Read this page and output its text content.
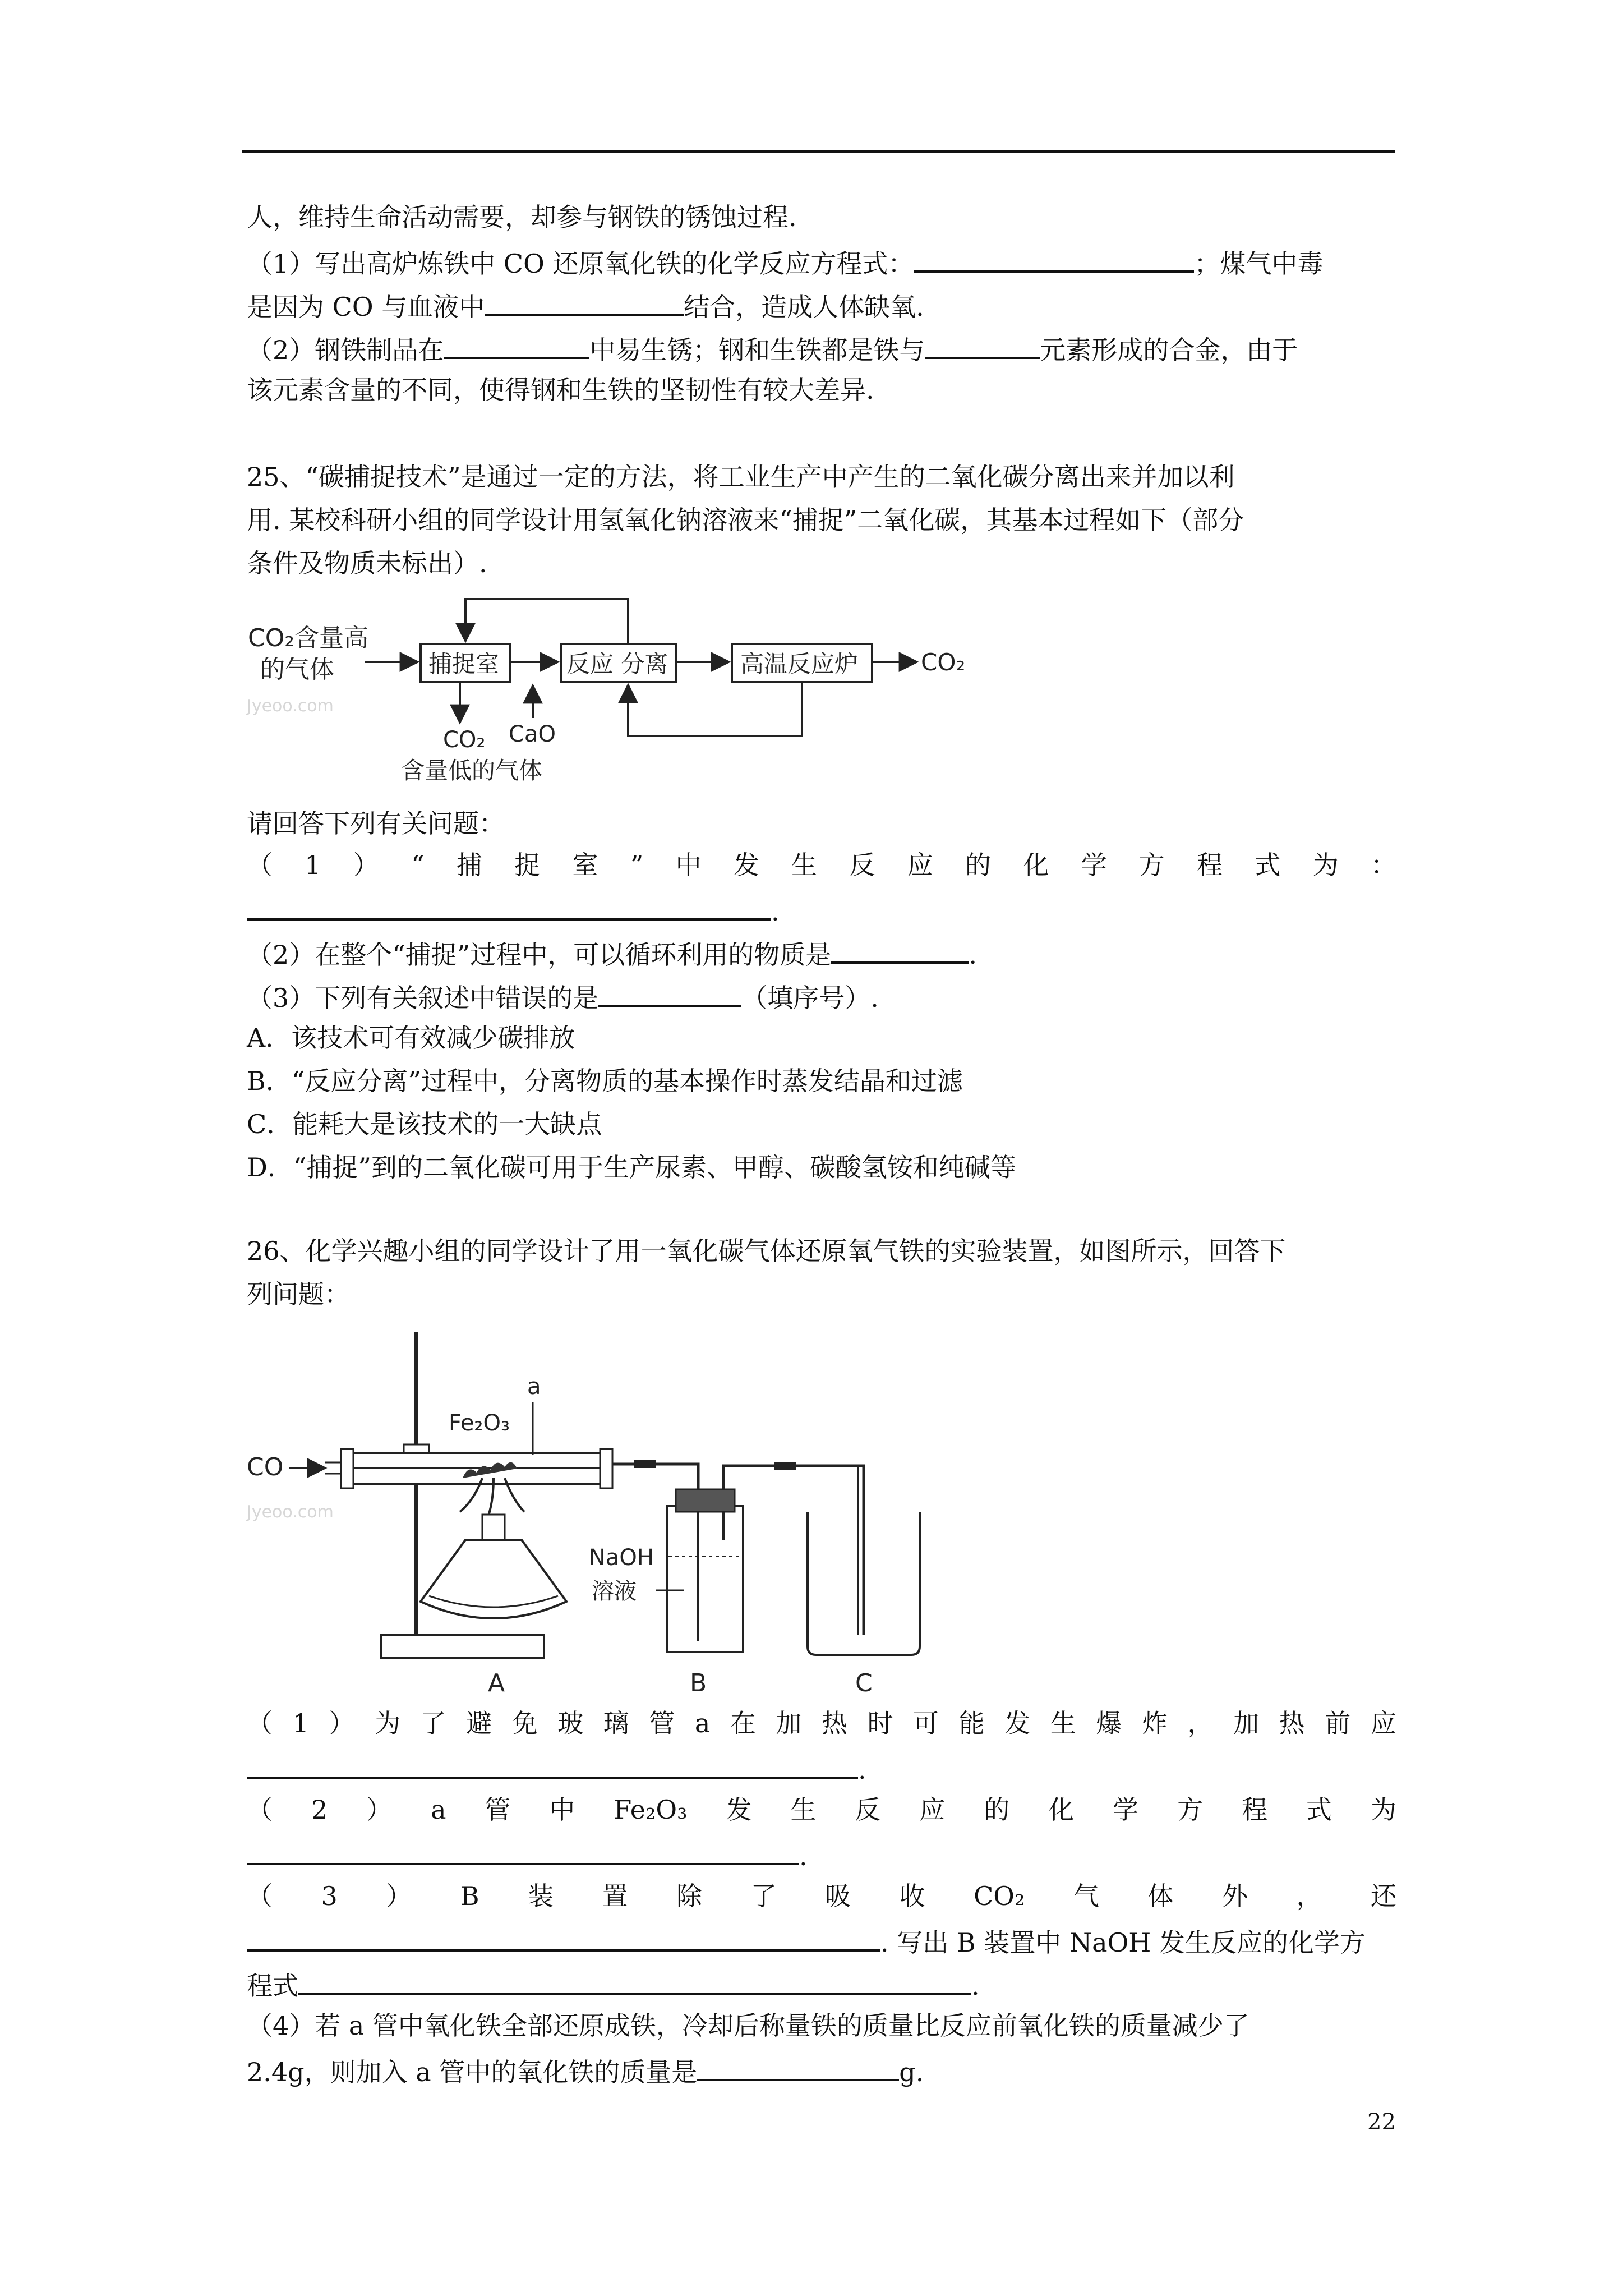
人，维持生命活动需要，却参与钢铁的锈蚀过程.
（1）写出高炉炼铁中 CO 还原氧化铁的化学反应方程式：	；煤气中毒
是因为 CO 与血液中	结合，造成人体缺氧.
（2）钢铁制品在	中易生锈；钢和生铁都是铁与	元素形成的合金，由于
该元素含量的不同，使得钢和生铁的坚韧性有较大差异.
25、“碳捕捉技术”是通过一定的方法，将工业生产中产生的二氧化碳分离出来并加以利
用. 某校科研小组的同学设计用氢氧化钠溶液来“捕捉”二氧化碳，其基本过程如下（部分
条件及物质未标出）.
CO₂含量高
的气体	捕捉室	反应 分离	高温反应炉	CO₂
CO₂
含量低的气体
CaO
Jyeoo.com
请回答下列有关问题：
（ 1 ） “ 捕 捉 室 ” 中 发 生 反 应 的 化 学 方 程 式 为 ：
.
（2）在整个“捕捉”过程中，可以循环利用的物质是	.
（3）下列有关叙述中错误的是	（填序号）.
A．该技术可有效减少碳排放
B．“反应分离”过程中，分离物质的基本操作时蒸发结晶和过滤
C．能耗大是该技术的一大缺点
D．“捕捉”到的二氧化碳可用于生产尿素、甲醇、碳酸氢铵和纯碱等
26、化学兴趣小组的同学设计了用一氧化碳气体还原氧气铁的实验装置，如图所示，回答下
列问题：
CO
a
Fe₂O₃
NaOH
溶液
A	B	C
Jyeoo.com
（ 1 ） 为 了 避 免 玻 璃 管 a 在 加 热 时 可 能 发 生 爆 炸 ， 加 热 前 应
.
（ 2 ） a 管 中 Fe₂O₃ 发 生 反 应 的 化 学 方 程 式 为
.
（ 3 ） B 装 置 除 了 吸 收 CO₂ 气 体 外 ， 还
. 写出 B 装置中 NaOH 发生反应的化学方
程式	.
（4）若 a 管中氧化铁全部还原成铁，冷却后称量铁的质量比反应前氧化铁的质量减少了
2.4g，则加入 a 管中的氧化铁的质量是	g.
22
